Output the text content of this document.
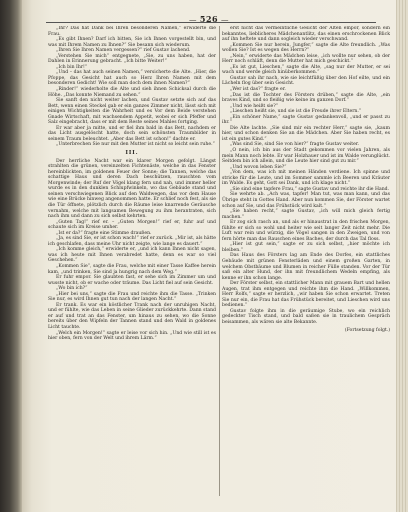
— 526 —

„Ihr? Das hat Dank bei Ihren besonderen Namen,“ erwiderte die Frau.

„Es gibt Ihnen? Darf ich bitten, Sie ich Ihnen vorgestellt bin, und was mit Ihrem Namen zu Ihnen?“ Sie besann sich wiederum.

„Ihren Sie Ihren Namen vergessen?“ rief Gustav lachend.

„Verstehen Sie mich“ entgegnete, „Sie, zu uns haben, hat der Dahlen in Erinnerung gebracht. „Ich bitte Weiter!“

„Ich bin Ihr!“

„Und – das hat auch seinen Namen,“ versicherte die Alte. „Hier, die Pfoppe, das Gesicht hat auch so Herz Ihren Namen mit dem besonderen Gedicht! Wie soll man doch dem ihnen Namen?“

„Rinder!“ wiederholte die Alte und sieh ihnen Schicksal durch die Höhe. „Das konnte Niemand zu sehen.“

Sie sanft den nicht weiter lachen, und Gustav setzte sich auf das Bett, wenn einen Steckel gab er ein ganzes Zimmer nicht, lässt sich mit einigen Wichtigkeiten die Wahrheit und es Vor dem Beide verstehen Gnade Wirtschaft, mit wachsendem Appetit, wobei er sich Pfeffer und Salz eingebracht, dass er mit dem Reste seines Mahles fortging.

Er war aber ja mitte, und er fiel ihm bald in das Bett, nachdem er das Licht ausgelöscht hatte, doch sein schönsten Traumbilder in seinem Traum beleuchtet. „Aber das Bett ist schon!“ dachte er.

„Unterbrechen Sie nur mit den Mutter ist nicht so leicht sein ruhe.“

III.

Der herrliche Nacht war ein klarer Morgen gefolgt. Längst strahlten die grünen, vereinzelten Fichtenäste, welche in das Fenster hereinblickten, im goldenen Feuer der Sonne; die Tannen, welche das schattige Haus und deren Dach beschützen, rauschten vom Morgenwinde; der Ruf der Vögel klang fern und nah, und immer heller wurde es in den dunklen Schlupfwinkeln, wo das Gebäude stand und seinen verschwiegenen Blick auf den Waldwegen, das vor dem Hause wie eine Brücke hinweg angenommen hatte. Er schlief noch fest, als sie die Tür öffnete, plötzlich durch die Räume leise knarrende Geräusche vernahm, welche mit langsamen Bewegung zu ihm herantraten, sich nach ihm und dann zu sich selbst kehrten.

„Guten Tag!“ rief er. – „Guten Morgen!“ rief er, fuhr auf und schaute sich im Kreise umher.

„Ist er da?“ fragte eine Stimme draußen.

„Ja, es sind Sie, er ist schon wach!“ rief er zurück. „Mir ist, als hätte ich geschlafen, dass meine Uhr nicht zeigte, wie lange es dauert.“

„Ich komme gleich,“ erwiderte er, „und ich kann Ihnen nicht sagen, was ich heute mit Ihnen verabredet hatte, denn es war so viel Geschehen.“

„Kommen Sie“, sagte die Frau, welche mit einer Tasse Kaffee herein kam, „und trinken, Sie sind ja hungrig nach dem Weg.“

Er fuhr empor. Sie glaubten fast, er sehe sich im Zimmer um und wusste nicht, ob er wache oder träume. Das Licht fiel auf sein Gesicht.

„Wo bin ich?“

„Hier bei uns,“ sagte die Frau und reichte ihm die Tasse. „Trinken Sie nur, es wird Ihnen gut tun nach der langen Nacht.“

Er trank. Es war ein köstlicher Trank nach der unruhigen Nacht, und er fühlte, wie das Leben in seine Glieder zurückkehrte. Dann stand er auf und trat an das Fenster, um hinaus zu sehen, wo die Sonne bereits über den Wipfeln der Tannen stand und den Wald in goldenes Licht tauchte.

„Welch ein Morgen!“ sagte er leise vor sich hin. „Und wie still ist es hier oben, fern von der Welt und ihrem Lärm.“

erst nicht das vermeintliche Gesicht der Alten empor, sondern ein bekanntes, lieblicheres Mädchenantlitz, das einen erschrockenen Blick auf ihn heftete und dann sogleich wieder verschwand.

„Kommen Sie nur herein, Jungfer,“ sagte die Alte freundlich. „Was wollen Sie? Ist es wegen des Herrn?“

„Nein,“ erwiderte das Mädchen leise, „ich wollte nur sehen, ob der Herr noch schläft, denn die Mutter hat mich geschickt.“

„Es ist gut, Lieschen,“ sagte die Alte, „sag nur der Mutter, er sei wach und werde gleich hinüberkommen.“

Gustav sah ihr nach, wie sie leichtfüßig über den Hof eilte, und ein Lächeln flog über sein Gesicht.

„Wer ist das?“ fragte er.

„Das ist die Tochter des Försters drüben,“ sagte die Alte, „ein braves Kind, und so fleißig wie keine im ganzen Dorf.“

„Und wie heißt sie?“

„Lieschen heißt sie, und sie ist die Freude ihrer Eltern.“

„Ein schöner Name,“ sagte Gustav gedankenvoll, „und er passt zu ihr.“

Die Alte lachte. „Sie sind mir ein rechter Herr,“ sagte sie, „kaum hier, und schon denken Sie an die Mädchen. Aber Sie haben recht, es ist ein gutes Kind.“

„Was sind Sie, sind Sie von hier?“ fragte Gustav weiter.

„O nein, ich bin aus der Stadt gekommen vor vielen Jahren, als mein Mann noch lebte. Er war Holzhauer und ist im Walde verunglückt. Seitdem bin ich allein, und die Leute hier sind gut zu mir.“

„Und wovon leben Sie?“

„Von dem, was ich mit meinen Händen verdiene. Ich spinne und stricke für die Leute, und im Sommer sammle ich Beeren und Kräuter im Walde. Es geht, Gott sei Dank, und ich klage nicht.“

„Sie sind eine tapfere Frau,“ sagte Gustav und reichte ihr die Hand.

Sie wehrte ab. „Ach was, tapfer! Man tut, was man kann, und das Übrige steht in Gottes Hand. Aber nun kommen Sie, der Förster wartet schon auf Sie, und das Frühstück wird kalt.“

„Sie haben recht,“ sagte Gustav, „ich will mich gleich fertig machen.“

Er zog sich rasch an, und als er hinaustrat in den frischen Morgen, fühlte er sich so wohl und heiter wie seit langer Zeit nicht mehr. Die Luft war rein und würzig, die Vögel sangen in den Zweigen, und von fern hörte man das Rauschen eines Baches, der durch das Tal floss.

„Hier ist gut sein,“ sagte er zu sich selbst, „hier möchte ich bleiben.“

Das Haus des Försters lag am Ende des Dorfes, ein stattliches Gebäude mit grünen Fensterläden und einem großen Garten, in welchem Obstbäume und Blumen in reicher Fülle standen. Vor der Tür saß ein alter Hund, der ihn mit freundlichem Wedeln empfing, als kenne er ihn schon lange.

Der Förster selbst, ein stattlicher Mann mit grauem Bart und hellen Augen, trat ihm entgegen und reichte ihm die Hand. „Willkommen, Herr Rolfs,“ sagte er herzlich, „wir haben Sie schon erwartet. Treten Sie nur ein, die Frau hat das Frühstück bereitet, und Lieschen wird uns bedienen.“

Gustav folgte ihm in die geräumige Stube, wo ein reichlich gedeckter Tisch stand, und bald saßen sie in traulichem Gespräch beisammen, als wären sie alte Bekannte.

(Fortsetzung folgt.)
